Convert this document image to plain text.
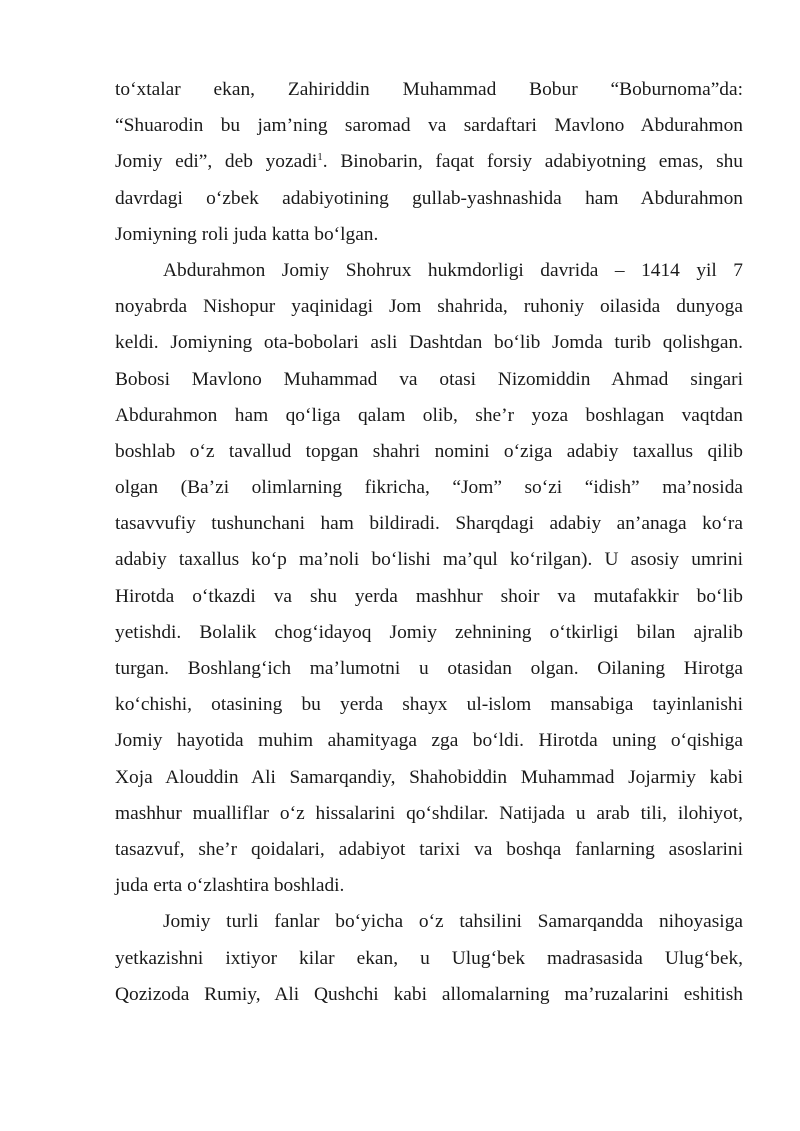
to‘xtalar ekan, Zahiriddin Muhammad Bobur “Boburnoma”da:
“Shuarodin bu jam’ning saromad va sardaftari Mavlono Abdurahmon
Jomiy edi”, deb yozadi$^1$. Binobarin, faqat forsiy adabiyotning emas, shu
davrdagi o‘zbek adabiyotining gullab-yashnashida ham Abdurahmon
Jomiyning roli juda katta bo‘lgan.
Abdurahmon Jomiy Shohrux hukmdorligi davrida – 1414 yil 7
noyabrda Nishopur yaqinidagi Jom shahrida, ruhoniy oilasida dunyoga
keldi. Jomiyning ota-bobolari asli Dashtdan bo‘lib Jomda turib qolishgan.
Bobosi Mavlono Muhammad va otasi Nizomiddin Ahmad singari
Abdurahmon ham qo‘liga qalam olib, she’r yoza boshlagan vaqtdan
boshlab o‘z tavallud topgan shahri nomini o‘ziga adabiy taxallus qilib
olgan (Ba’zi olimlarning fikricha, “Jom” so‘zi “idish” ma’nosida
tasavvufiy tushunchani ham bildiradi. Sharqdagi adabiy an’anaga ko‘ra
adabiy taxallus ko‘p ma’noli bo‘lishi ma’qul ko‘rilgan). U asosiy umrini
Hirotda o‘tkazdi va shu yerda mashhur shoir va mutafakkir bo‘lib
yetishdi. Bolalik chog‘idayoq Jomiy zehnining o‘tkirligi bilan ajralib
turgan. Boshlang‘ich ma’lumotni u otasidan olgan. Oilaning Hirotga
ko‘chishi, otasining bu yerda shayx ul-islom mansabiga tayinlanishi
Jomiy hayotida muhim ahamityaga zga bo‘ldi. Hirotda uning o‘qishiga
Xoja Alouddin Ali Samarqandiy, Shahobiddin Muhammad Jojarmiy kabi
mashhur mualliflar o‘z hissalarini qo‘shdilar. Natijada u arab tili, ilohiyot,
tasazvuf, she’r qoidalari, adabiyot tarixi va boshqa fanlarning asoslarini
juda erta o‘zlashtira boshladi.
Jomiy turli fanlar bo‘yicha o‘z tahsilini Samarqandda nihoyasiga
yetkazishni ixtiyor kilar ekan, u Ulug‘bek madrasasida Ulug‘bek,
Qozizoda Rumiy, Ali Qushchi kabi allomalarning ma’ruzalarini eshitish
